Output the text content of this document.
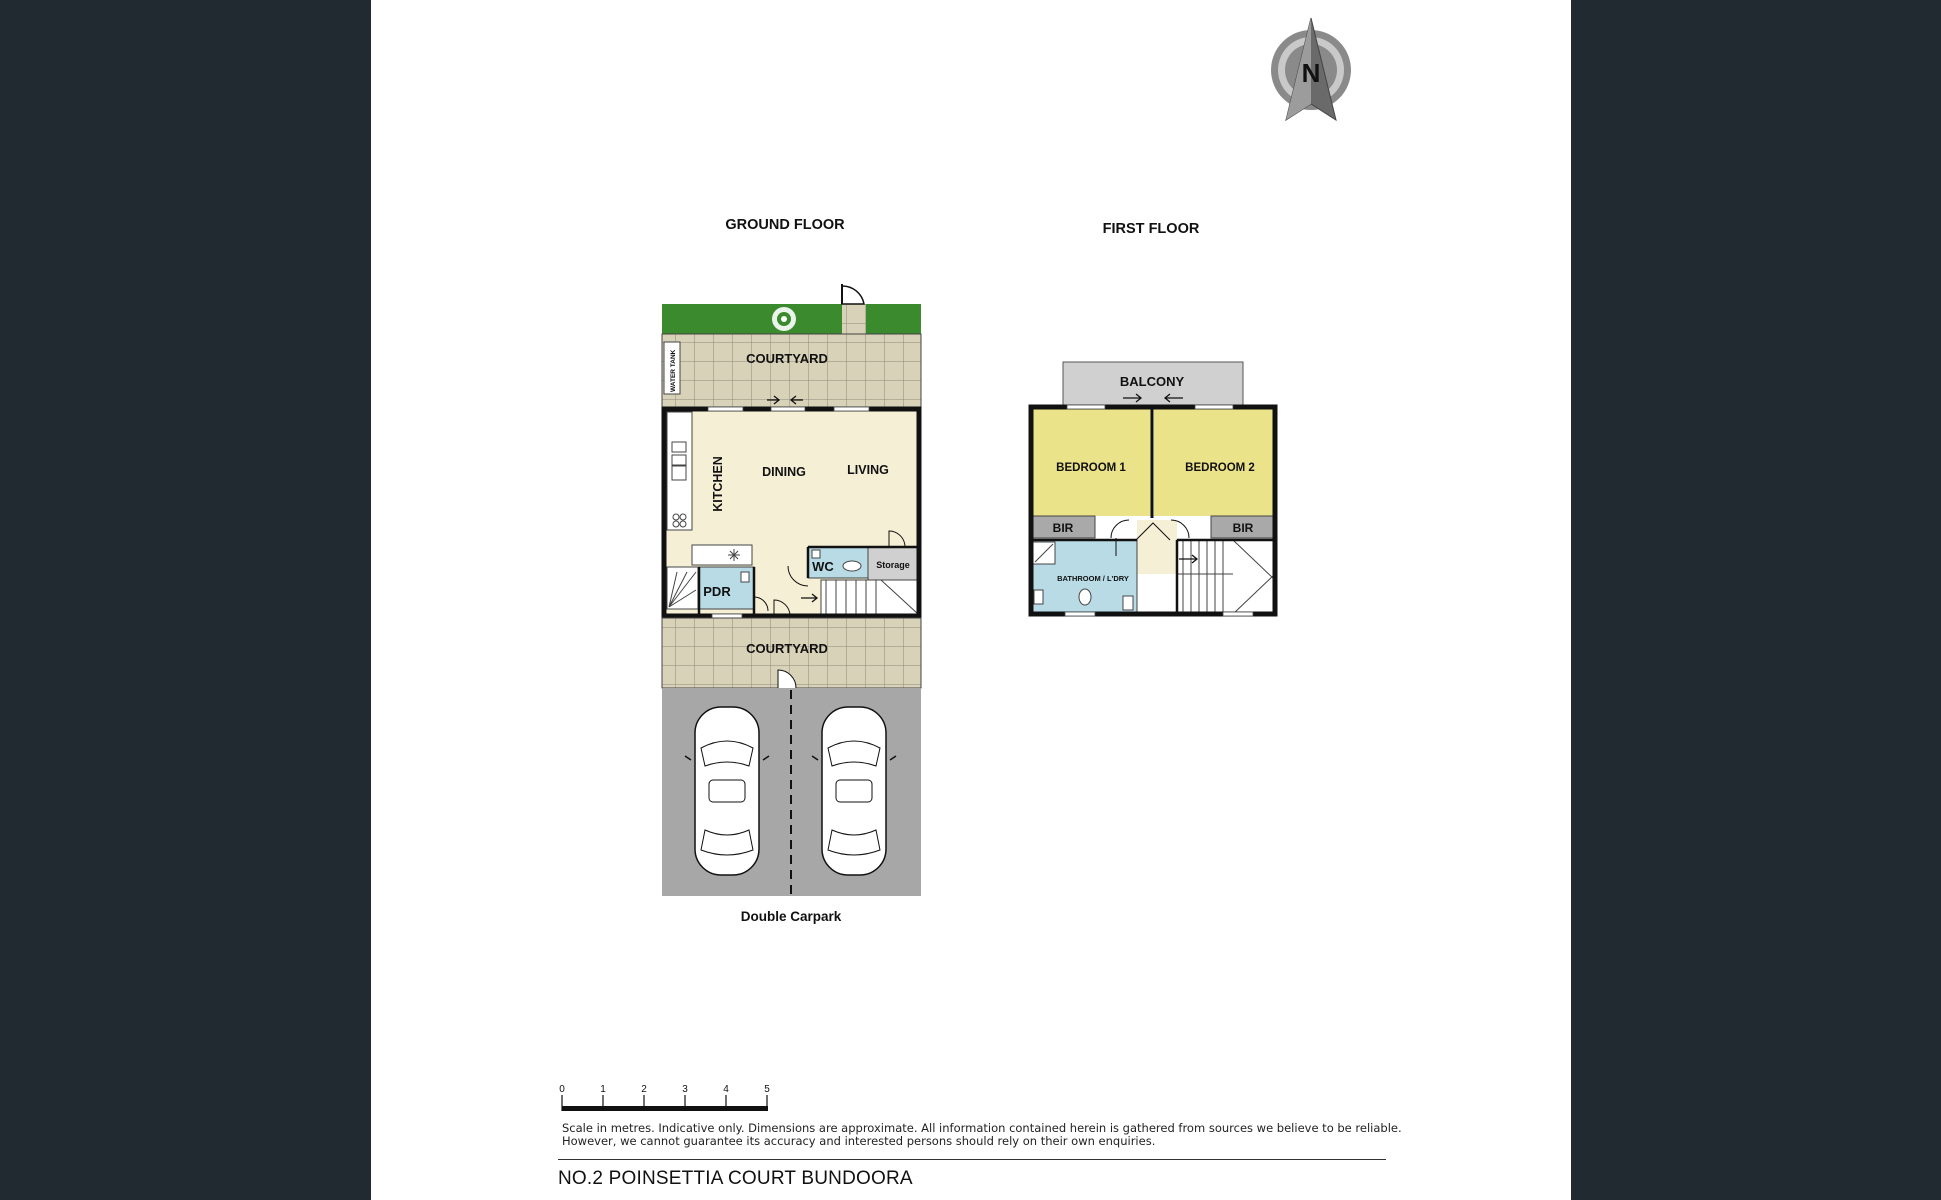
N
GROUND FLOOR	FIRST FLOOR
WATER TANK	COURTYARD
KITCHEN	DINING	LIVING
PDR
WC	Storage
COURTYARD
Double Carpark
BALCONY
BEDROOM 1	BEDROOM 2
BIR	BIR
BATHROOM / L'DRY
0	1	2	3	4	5
Scale in metres. Indicative only. Dimensions are approximate. All information contained herein is gathered from sources we believe to be reliable.
However, we cannot guarantee its accuracy and interested persons should rely on their own enquiries.
NO.2 POINSETTIA COURT BUNDOORA
